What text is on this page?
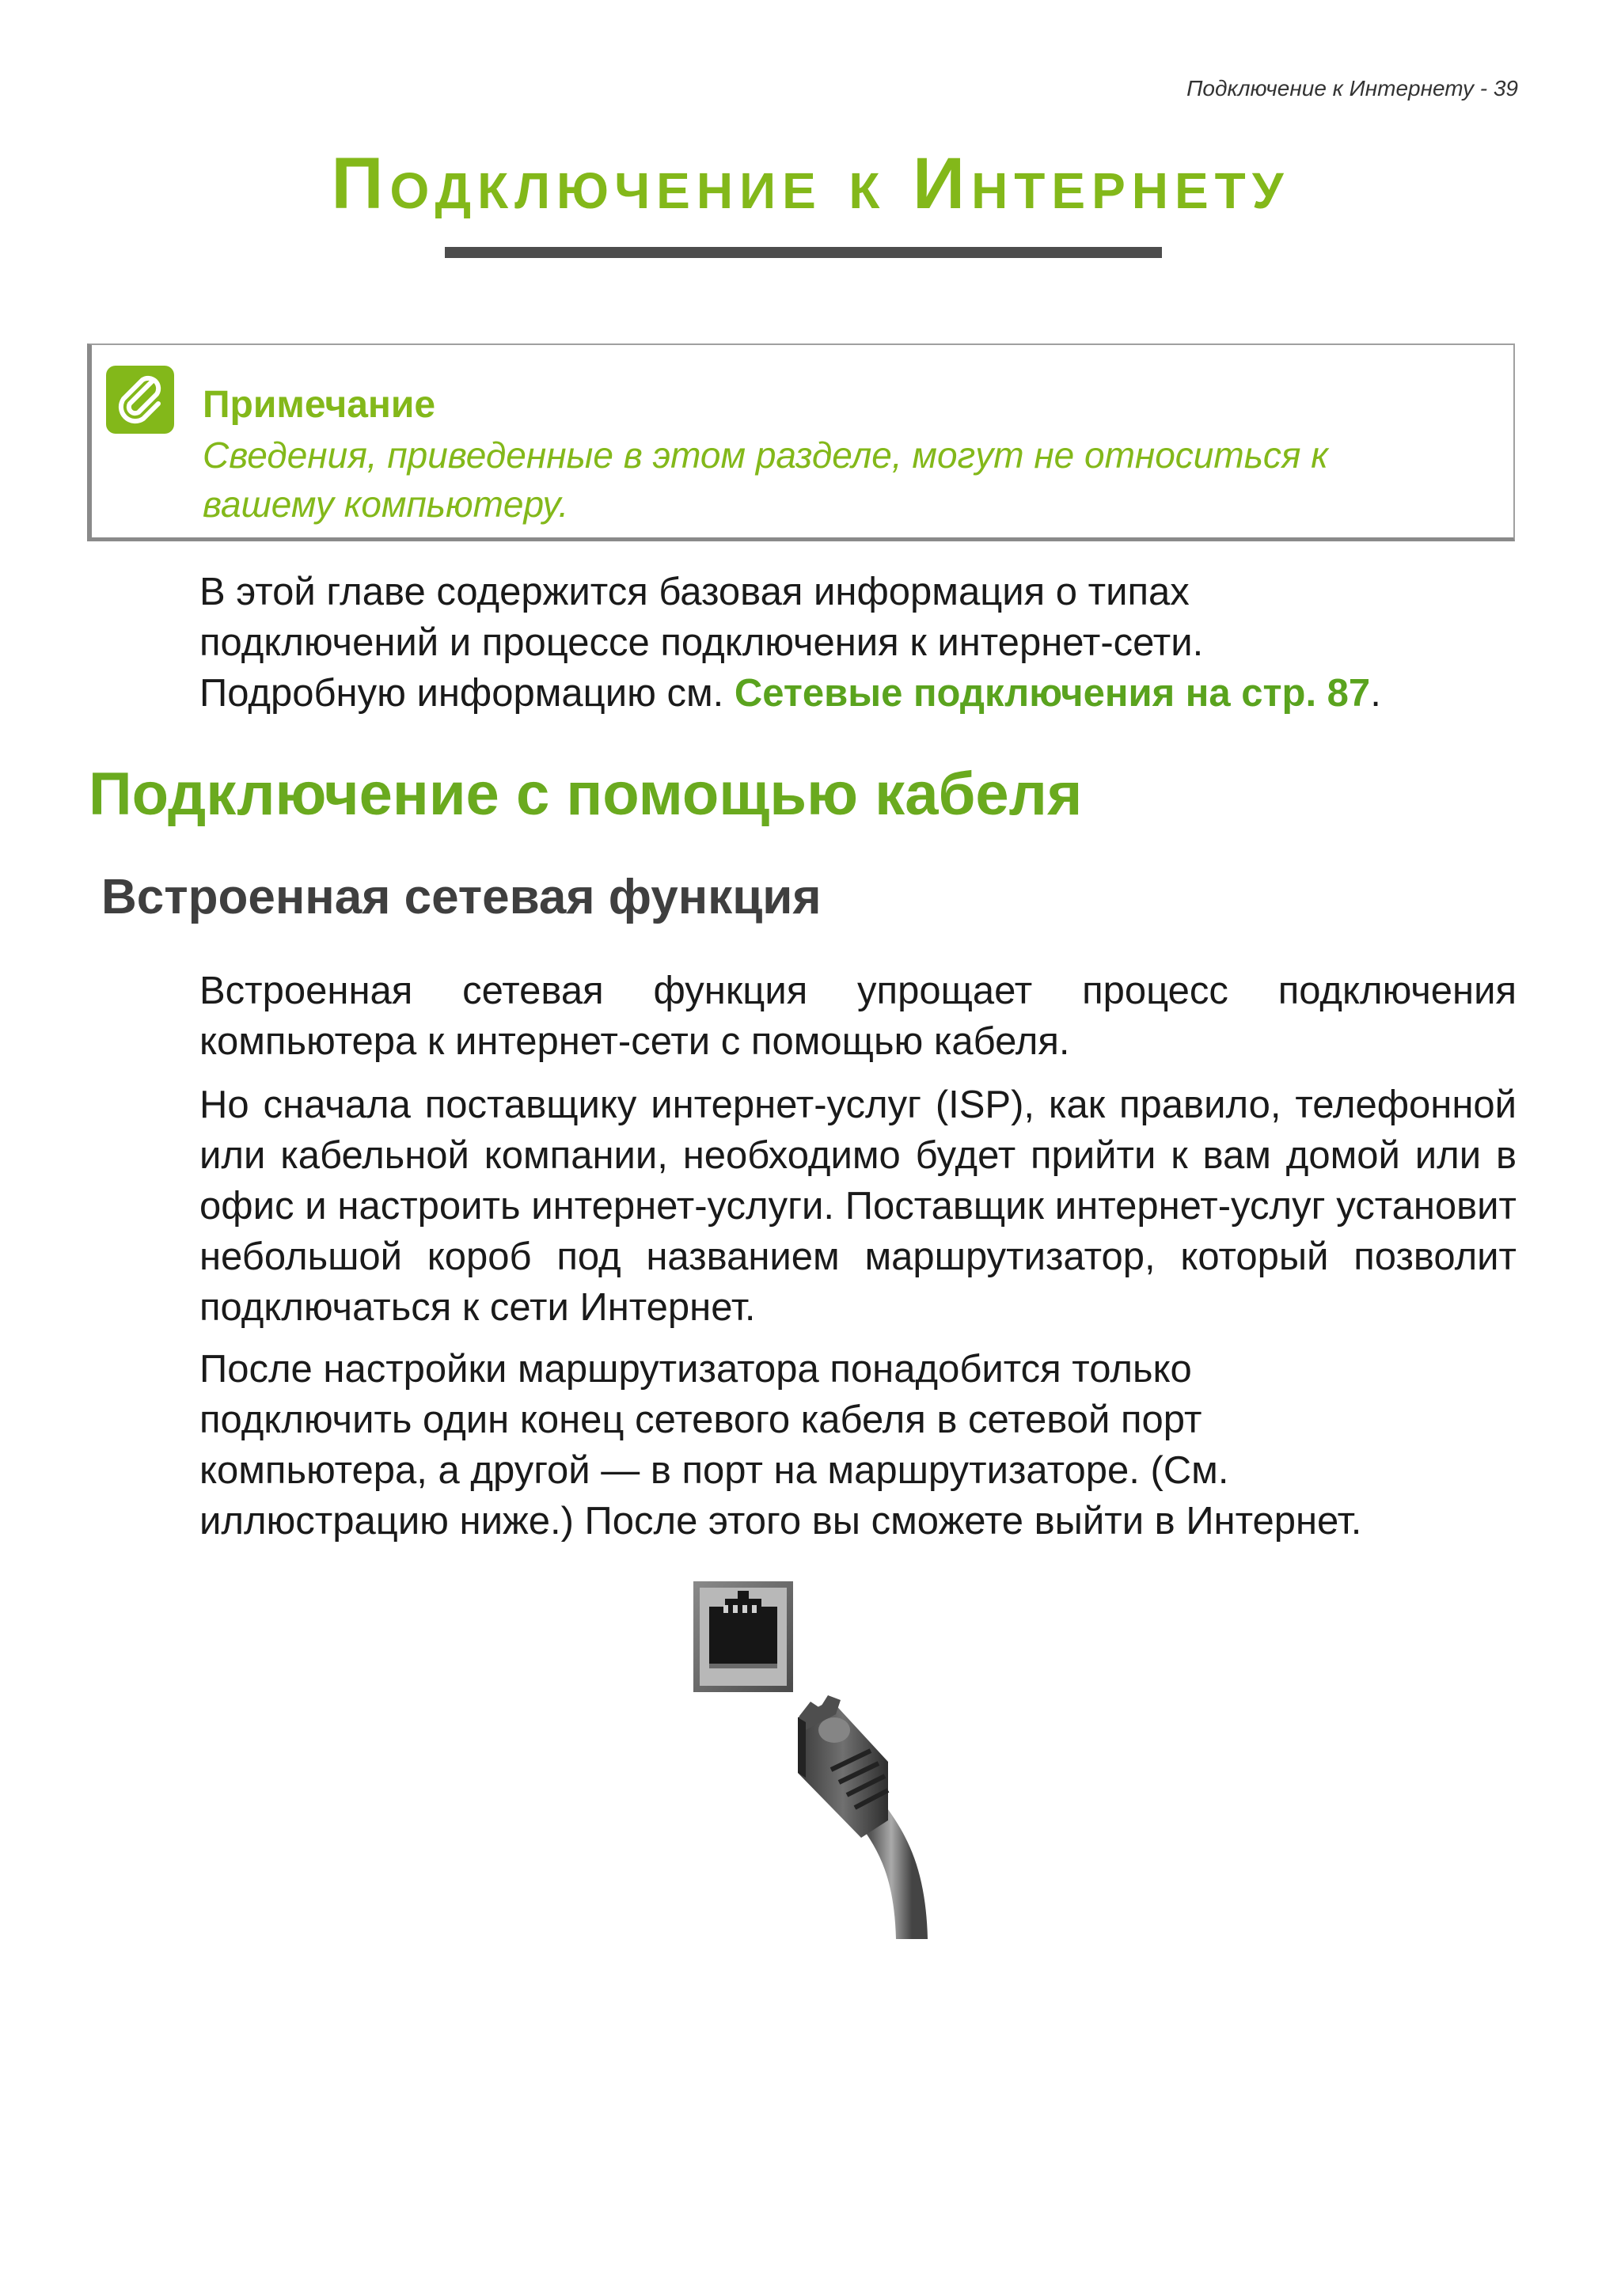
Подключение к Интернету - 39
Подключение к Интернету
Примечание
Сведения, приведенные в этом разделе, могут не относиться к
вашему компьютеру.
В этой главе содержится базовая информация о типах
подключений и процессе подключения к интернет-сети.
Подробную информацию см. Сетевые подключения на стр. 87.
Подключение с помощью кабеля
Встроенная сетевая функция
Встроенная сетевая функция упрощает процесс подключения компьютера к интернет-сети с помощью кабеля.
Но сначала поставщику интернет-услуг (ISP), как правило, телефонной или кабельной компании, необходимо будет прийти к вам домой или в офис и настроить интернет-услуги. Поставщик интернет-услуг установит небольшой короб под названием маршрутизатор, который позволит подключаться к сети Интернет.
После настройки маршрутизатора понадобится только
подключить один конец сетевого кабеля в сетевой порт
компьютера, а другой — в порт на маршрутизаторе. (См.
иллюстрацию ниже.) После этого вы сможете выйти в Интернет.
